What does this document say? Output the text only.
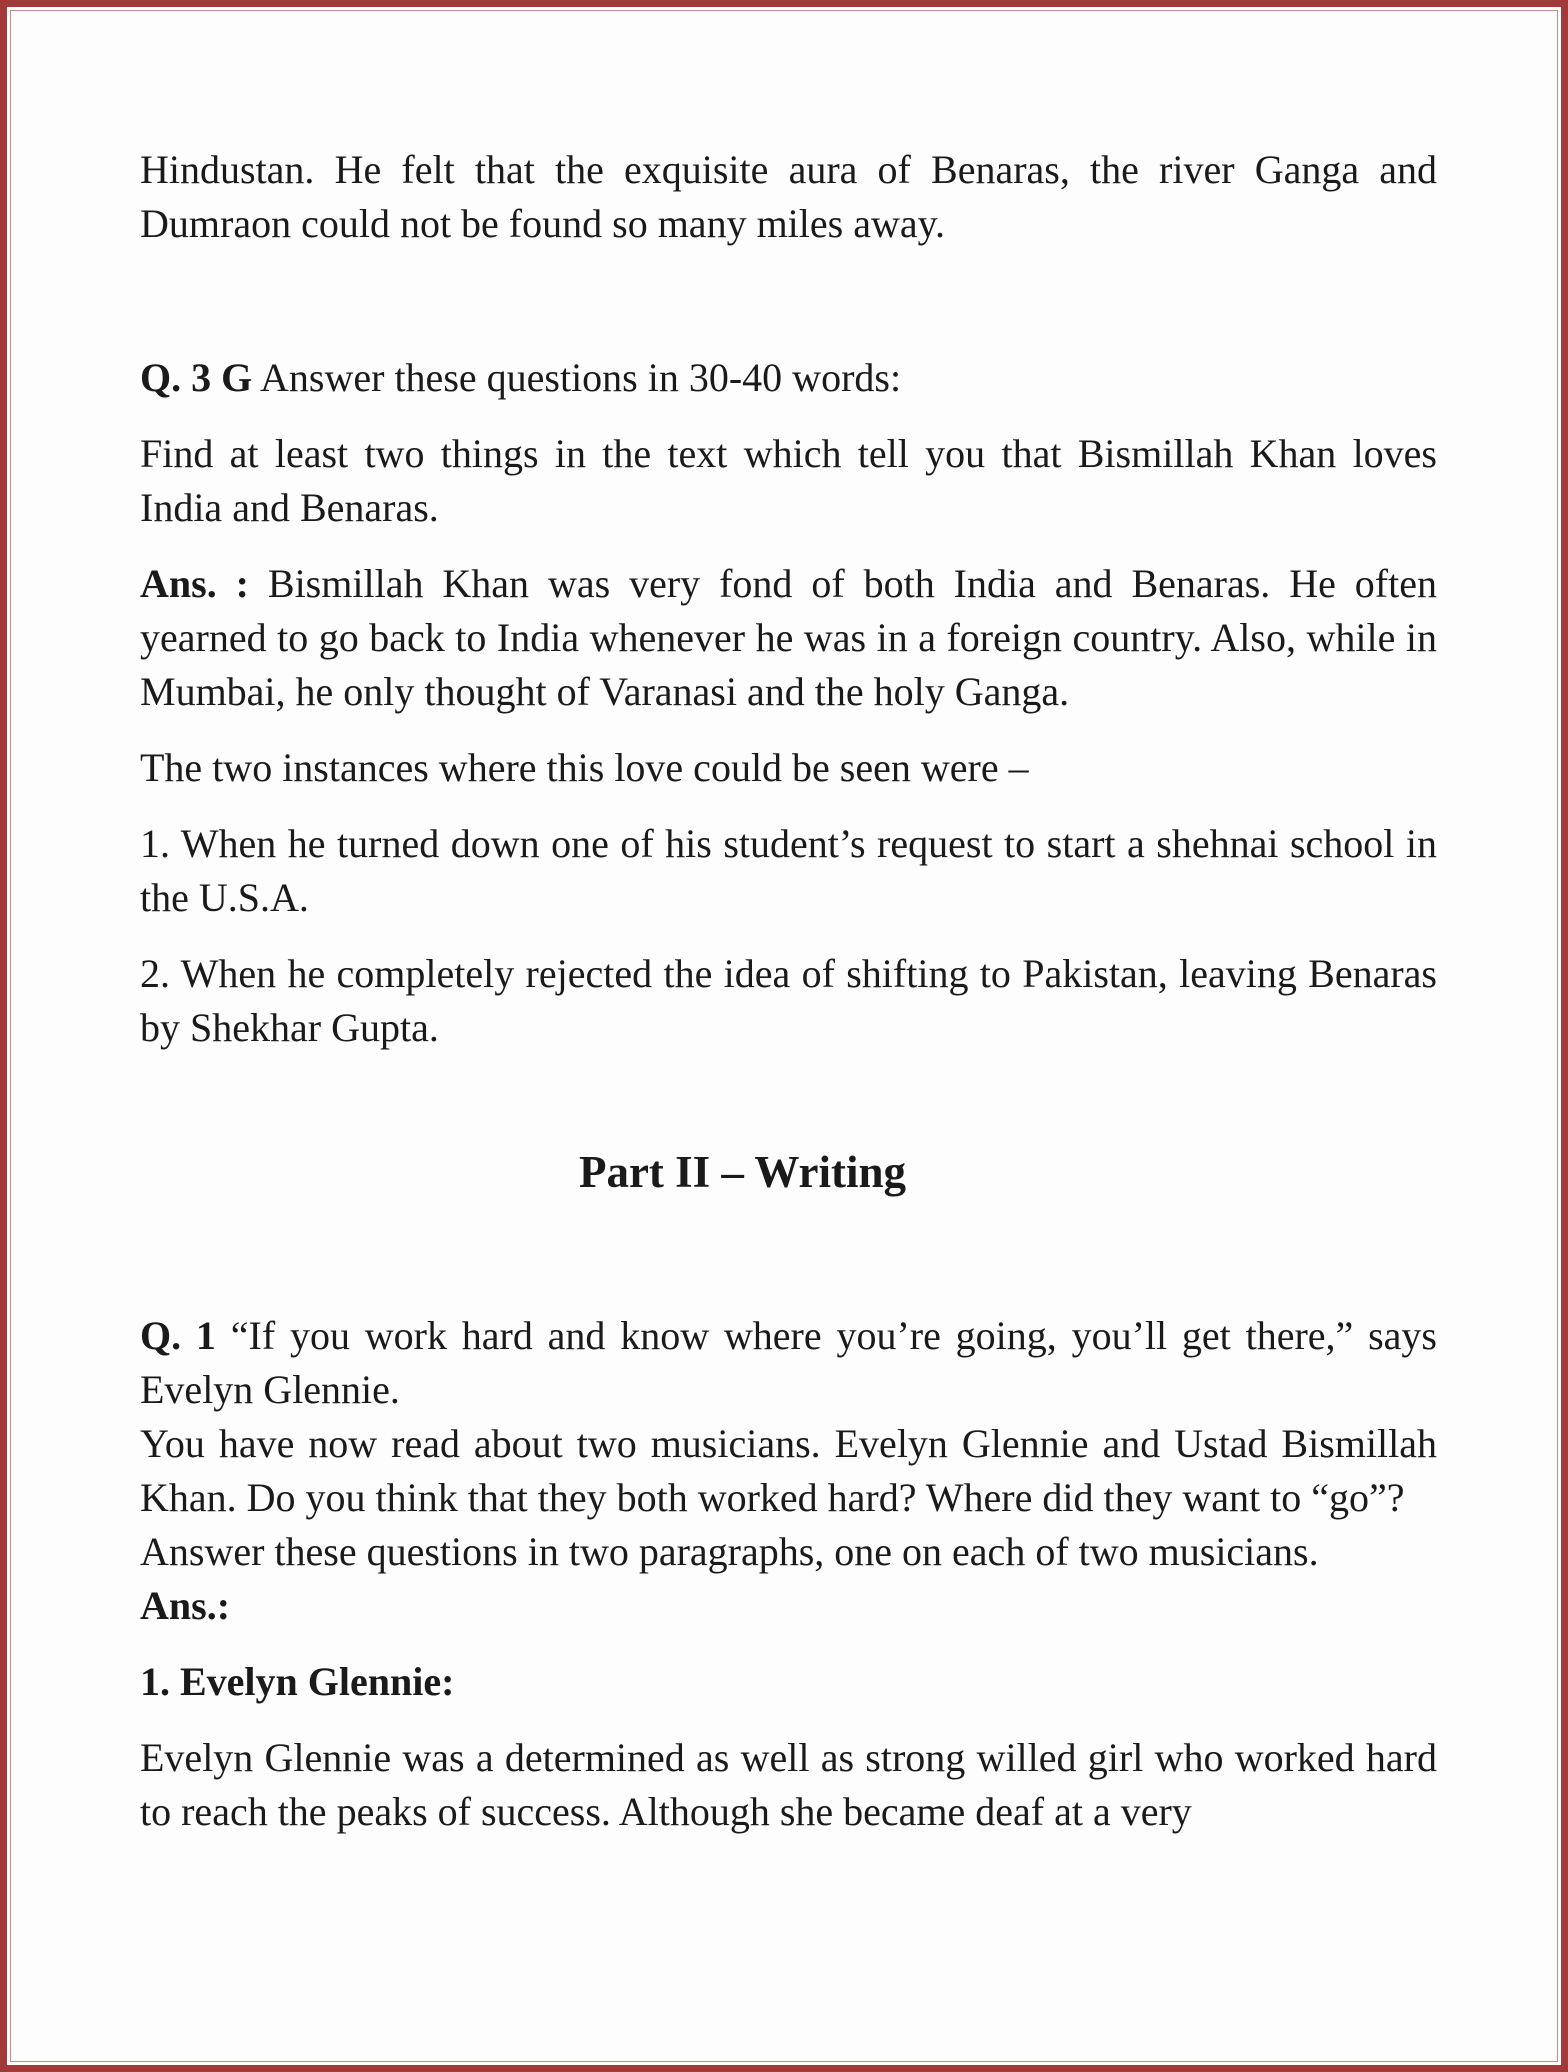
Hindustan. He felt that the exquisite aura of Benaras, the river Ganga and Dumraon could not be found so many miles away.

Q. 3 G Answer these questions in 30-40 words:

Find at least two things in the text which tell you that Bismillah Khan loves India and Benaras.

Ans. : Bismillah Khan was very fond of both India and Benaras. He often yearned to go back to India whenever he was in a foreign country. Also, while in Mumbai, he only thought of Varanasi and the holy Ganga.

The two instances where this love could be seen were –

1. When he turned down one of his student’s request to start a shehnai school in the U.S.A.

2. When he completely rejected the idea of shifting to Pakistan, leaving Benaras by Shekhar Gupta.

Part II – Writing

Q. 1 “If you work hard and know where you’re going, you’ll get there,” says Evelyn Glennie.

You have now read about two musicians. Evelyn Glennie and Ustad Bismillah Khan. Do you think that they both worked hard? Where did they want to “go”?

Answer these questions in two paragraphs, one on each of two musicians.

Ans.:

1. Evelyn Glennie:

Evelyn Glennie was a determined as well as strong willed girl who worked hard to reach the peaks of success. Although she became deaf at a very
